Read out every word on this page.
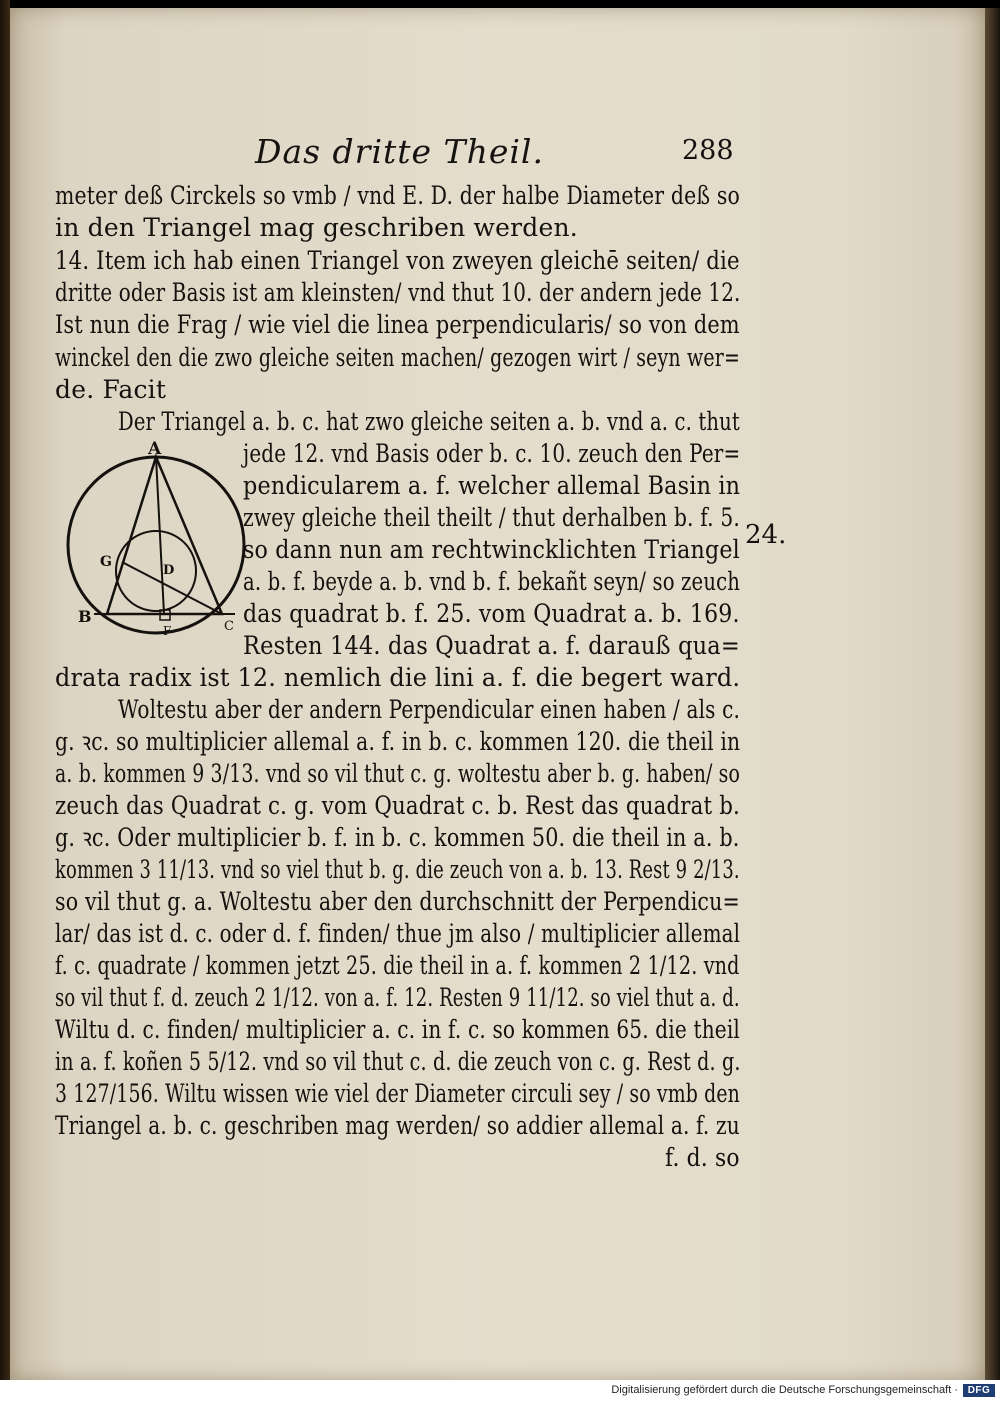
Das dritte Theil.	288
meter deß Circkels so vmb / vnd E. D. der halbe Diameter deß so
in den Triangel mag geschriben werden.
14. Item ich hab einen Triangel von zweyen gleichē seiten/ die
dritte oder Basis ist am kleinsten/ vnd thut 10. der andern jede 12.
Ist nun die Frag / wie viel die linea perpendicularis/ so von dem
winckel den die zwo gleiche seiten machen/ gezogen wirt / seyn wer=
de. Facit
Der Triangel a. b. c. hat zwo gleiche seiten a. b. vnd a. c. thut
jede 12. vnd Basis oder b. c. 10. zeuch den Per=
pendicularem a. f. welcher allemal Basin in
zwey gleiche theil theilt / thut derhalben b. f. 5.
so dann nun am rechtwincklichten Triangel
a. b. f. beyde a. b. vnd b. f. bekañt seyn/ so zeuch
das quadrat b. f. 25. vom Quadrat a. b. 169.
Resten 144. das Quadrat a. f. darauß qua=
drata radix ist 12. nemlich die lini a. f. die begert ward.
Woltestu aber der andern Perpendicular einen haben / als c.
g. ꝛc. so multiplicier allemal a. f. in b. c. kommen 120. die theil in
a. b. kommen 9 3/13. vnd so vil thut c. g. woltestu aber b. g. haben/ so
zeuch das Quadrat c. g. vom Quadrat c. b. Rest das quadrat b.
g. ꝛc. Oder multiplicier b. f. in b. c. kommen 50. die theil in a. b.
kommen 3 11/13. vnd so viel thut b. g. die zeuch von a. b. 13. Rest 9 2/13.
so vil thut g. a. Woltestu aber den durchschnitt der Perpendicu=
lar/ das ist d. c. oder d. f. finden/ thue jm also / multiplicier allemal
f. c. quadrate / kommen jetzt 25. die theil in a. f. kommen 2 1/12. vnd
so vil thut f. d. zeuch 2 1/12. von a. f. 12. Resten 9 11/12. so viel thut a. d.
Wiltu d. c. finden/ multiplicier a. c. in f. c. so kommen 65. die theil
in a. f. koñen 5 5/12. vnd so vil thut c. d. die zeuch von c. g. Rest d. g.
3 127/156. Wiltu wissen wie viel der Diameter circuli sey / so vmb den
Triangel a. b. c. geschriben mag werden/ so addier allemal a. f. zu
f. d. so
24.
A
B
C
D
G
F
Digitalisierung gefördert durch die Deutsche Forschungsgemeinschaft · DFG
